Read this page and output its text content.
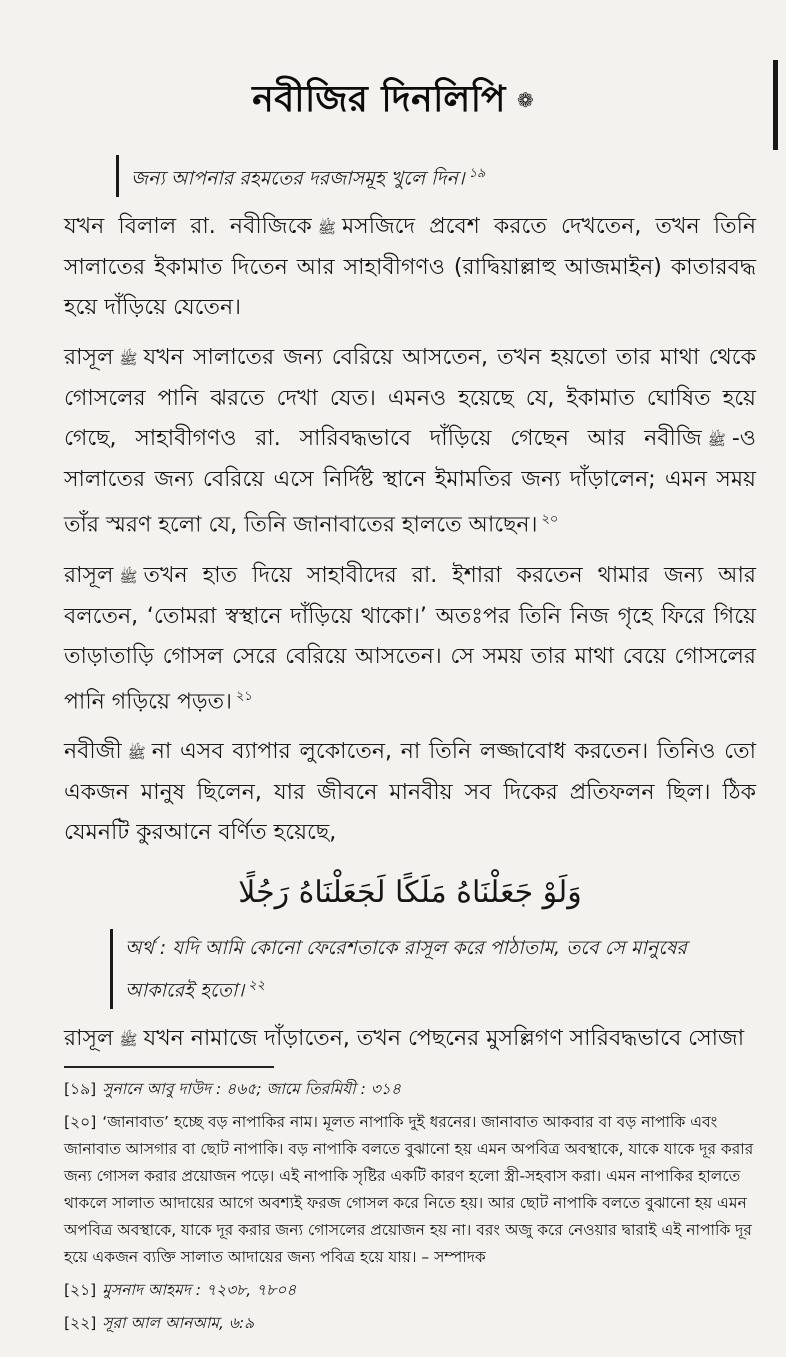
নবীজির দিনলিপি ❁
জন্য আপনার রহমতের দরজাসমূহ খুলে দিন। $^{১৯}$

যখন বিলাল রা. নবীজিকে ﷺ মসজিদে প্রবেশ করতে দেখতেন, তখন তিনি সালাতের ইকামাত দিতেন আর সাহাবীগণও (রাদ্বিয়াল্লাহু আজমাইন) কাতারবদ্ধ হয়ে দাঁড়িয়ে যেতেন।

রাসূল ﷺ যখন সালাতের জন্য বেরিয়ে আসতেন, তখন হয়তো তার মাথা থেকে গোসলের পানি ঝরতে দেখা যেত। এমনও হয়েছে যে, ইকামাত ঘোষিত হয়ে গেছে, সাহাবীগণও রা. সারিবদ্ধভাবে দাঁড়িয়ে গেছেন আর নবীজি ﷺ -ও সালাতের জন্য বেরিয়ে এসে নির্দিষ্ট স্থানে ইমামতির জন্য দাঁড়ালেন; এমন সময় তাঁর স্মরণ হলো যে, তিনি জানাবাতের হালতে আছেন। $^{২০}$

রাসূল ﷺ তখন হাত দিয়ে সাহাবীদের রা. ইশারা করতেন থামার জন্য আর বলতেন, ‘তোমরা স্বস্থানে দাঁড়িয়ে থাকো।’ অতঃপর তিনি নিজ গৃহে ফিরে গিয়ে তাড়াতাড়ি গোসল সেরে বেরিয়ে আসতেন। সে সময় তার মাথা বেয়ে গোসলের পানি গড়িয়ে পড়ত। $^{২১}$

নবীজী ﷺ না এসব ব্যাপার লুকোতেন, না তিনি লজ্জাবোধ করতেন। তিনিও তো একজন মানুষ ছিলেন, যার জীবনে মানবীয় সব দিকের প্রতিফলন ছিল। ঠিক যেমনটি কুরআনে বর্ণিত হয়েছে,

وَلَوْ جَعَلْنَاهُ مَلَكًا لَجَعَلْنَاهُ رَجُلًا
অর্থ : যদি আমি কোনো ফেরেশতাকে রাসূল করে পাঠাতাম, তবে সে মানুষের আকারেই হতো। $^{২২}$

রাসূল ﷺ যখন নামাজে দাঁড়াতেন, তখন পেছনের মুসল্লিগণ সারিবদ্ধভাবে সোজা

[১৯] সুনানে আবু দাউদ : ৪৬৫; জামে তিরমিযী : ৩১৪
[২০] ‘জানাবাত’ হচ্ছে বড় নাপাকির নাম। মূলত নাপাকি দুই ধরনের। জানাবাত আকবার বা বড় নাপাকি এবং জানাবাত আসগার বা ছোট নাপাকি। বড় নাপাকি বলতে বুঝানো হয় এমন অপবিত্র অবস্থাকে, যাকে যাকে দূর করার জন্য গোসল করার প্রয়োজন পড়ে। এই নাপাকি সৃষ্টির একটি কারণ হলো স্ত্রী-সহবাস করা। এমন নাপাকির হালতে থাকলে সালাত আদায়ের আগে অবশ্যই ফরজ গোসল করে নিতে হয়। আর ছোট নাপাকি বলতে বুঝানো হয় এমন অপবিত্র অবস্থাকে, যাকে দূর করার জন্য গোসলের প্রয়োজন হয় না। বরং অজু করে নেওয়ার দ্বারাই এই নাপাকি দূর হয়ে একজন ব্যক্তি সালাত আদায়ের জন্য পবিত্র হয়ে যায়। – সম্পাদক
[২১] মুসনাদ আহমদ : ৭২৩৮, ৭৮০৪
[২২] সূরা আল আনআম, ৬:৯
